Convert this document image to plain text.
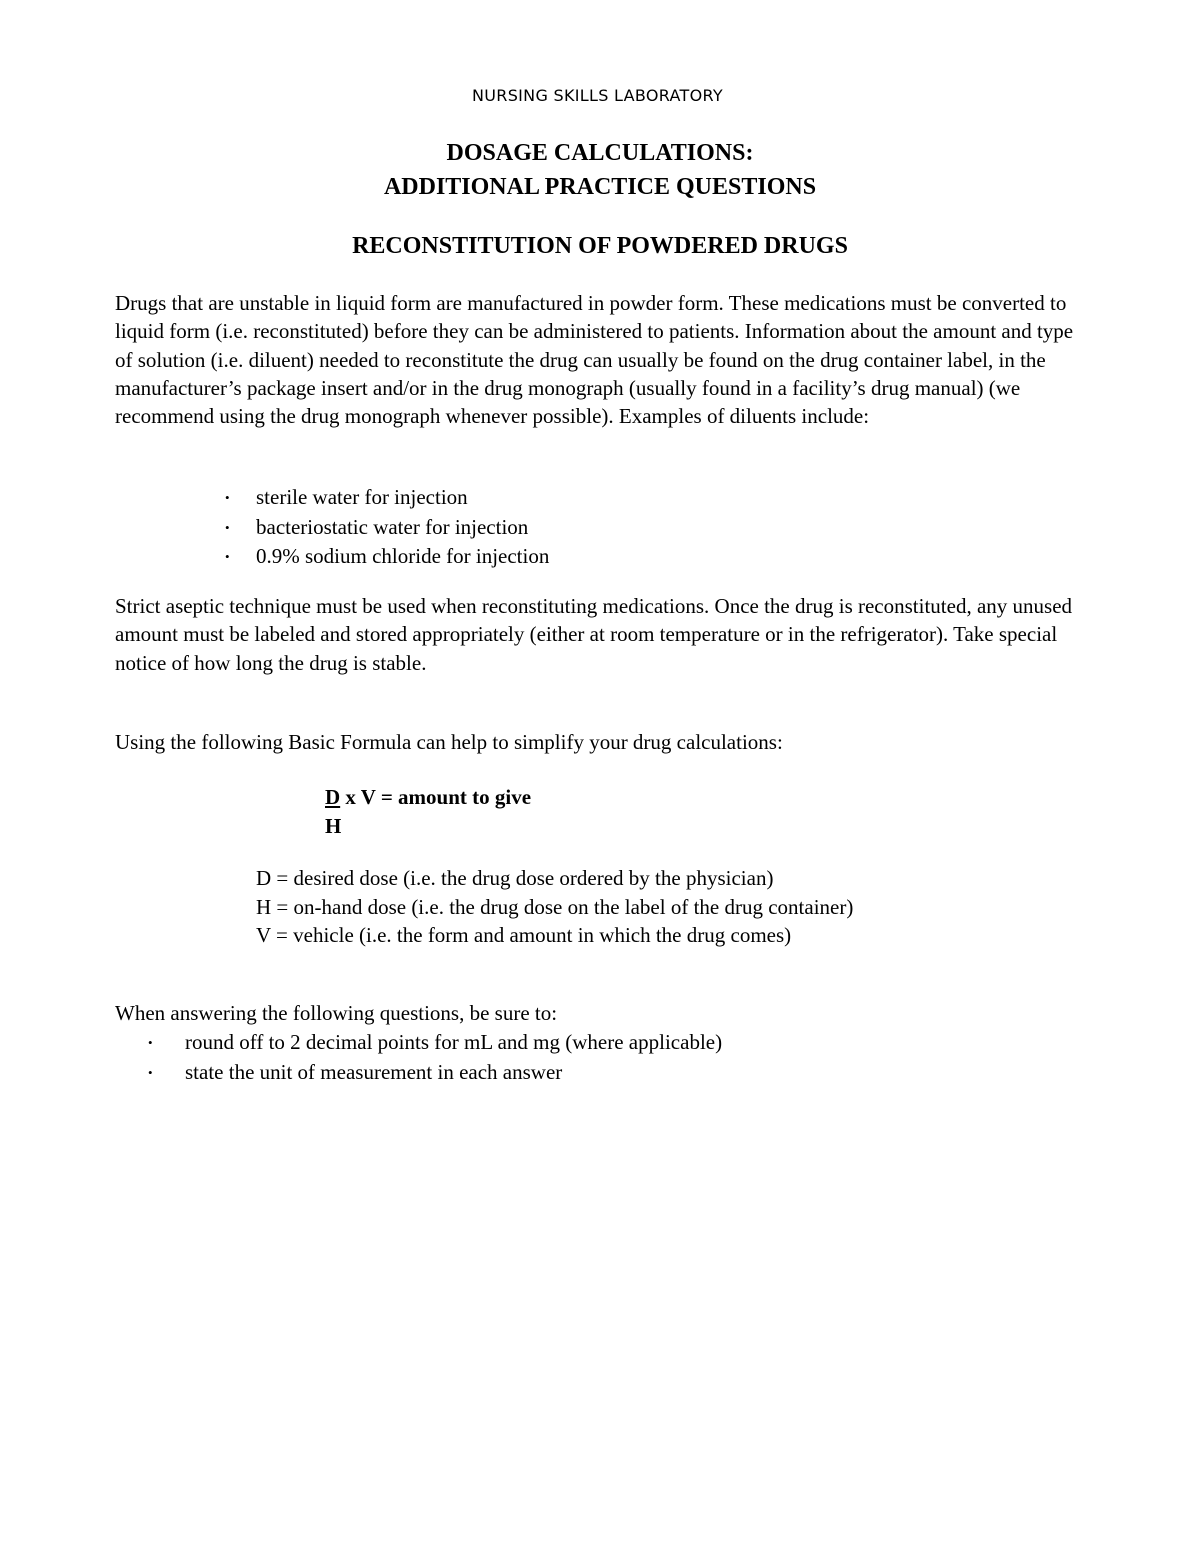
NURSING SKILLS LABORATORY
DOSAGE CALCULATIONS:
ADDITIONAL PRACTICE QUESTIONS
RECONSTITUTION OF POWDERED DRUGS

Drugs that are unstable in liquid form are manufactured in powder form. These medications must be converted to liquid form (i.e. reconstituted) before they can be administered to patients. Information about the amount and type of solution (i.e. diluent) needed to reconstitute the drug can usually be found on the drug container label, in the manufacturer’s package insert and/or in the drug monograph (usually found in a facility’s drug manual) (we recommend using the drug monograph whenever possible). Examples of diluents include:

• sterile water for injection
• bacteriostatic water for injection
• 0.9% sodium chloride for injection

Strict aseptic technique must be used when reconstituting medications. Once the drug is reconstituted, any unused amount must be labeled and stored appropriately (either at room temperature or in the refrigerator). Take special notice of how long the drug is stable.

Using the following Basic Formula can help to simplify your drug calculations:

D x V = amount to give
H
D = desired dose (i.e. the drug dose ordered by the physician)
H = on-hand dose (i.e. the drug dose on the label of the drug container)
V = vehicle (i.e. the form and amount in which the drug comes)

When answering the following questions, be sure to:

• round off to 2 decimal points for mL and mg (where applicable)
• state the unit of measurement in each answer
